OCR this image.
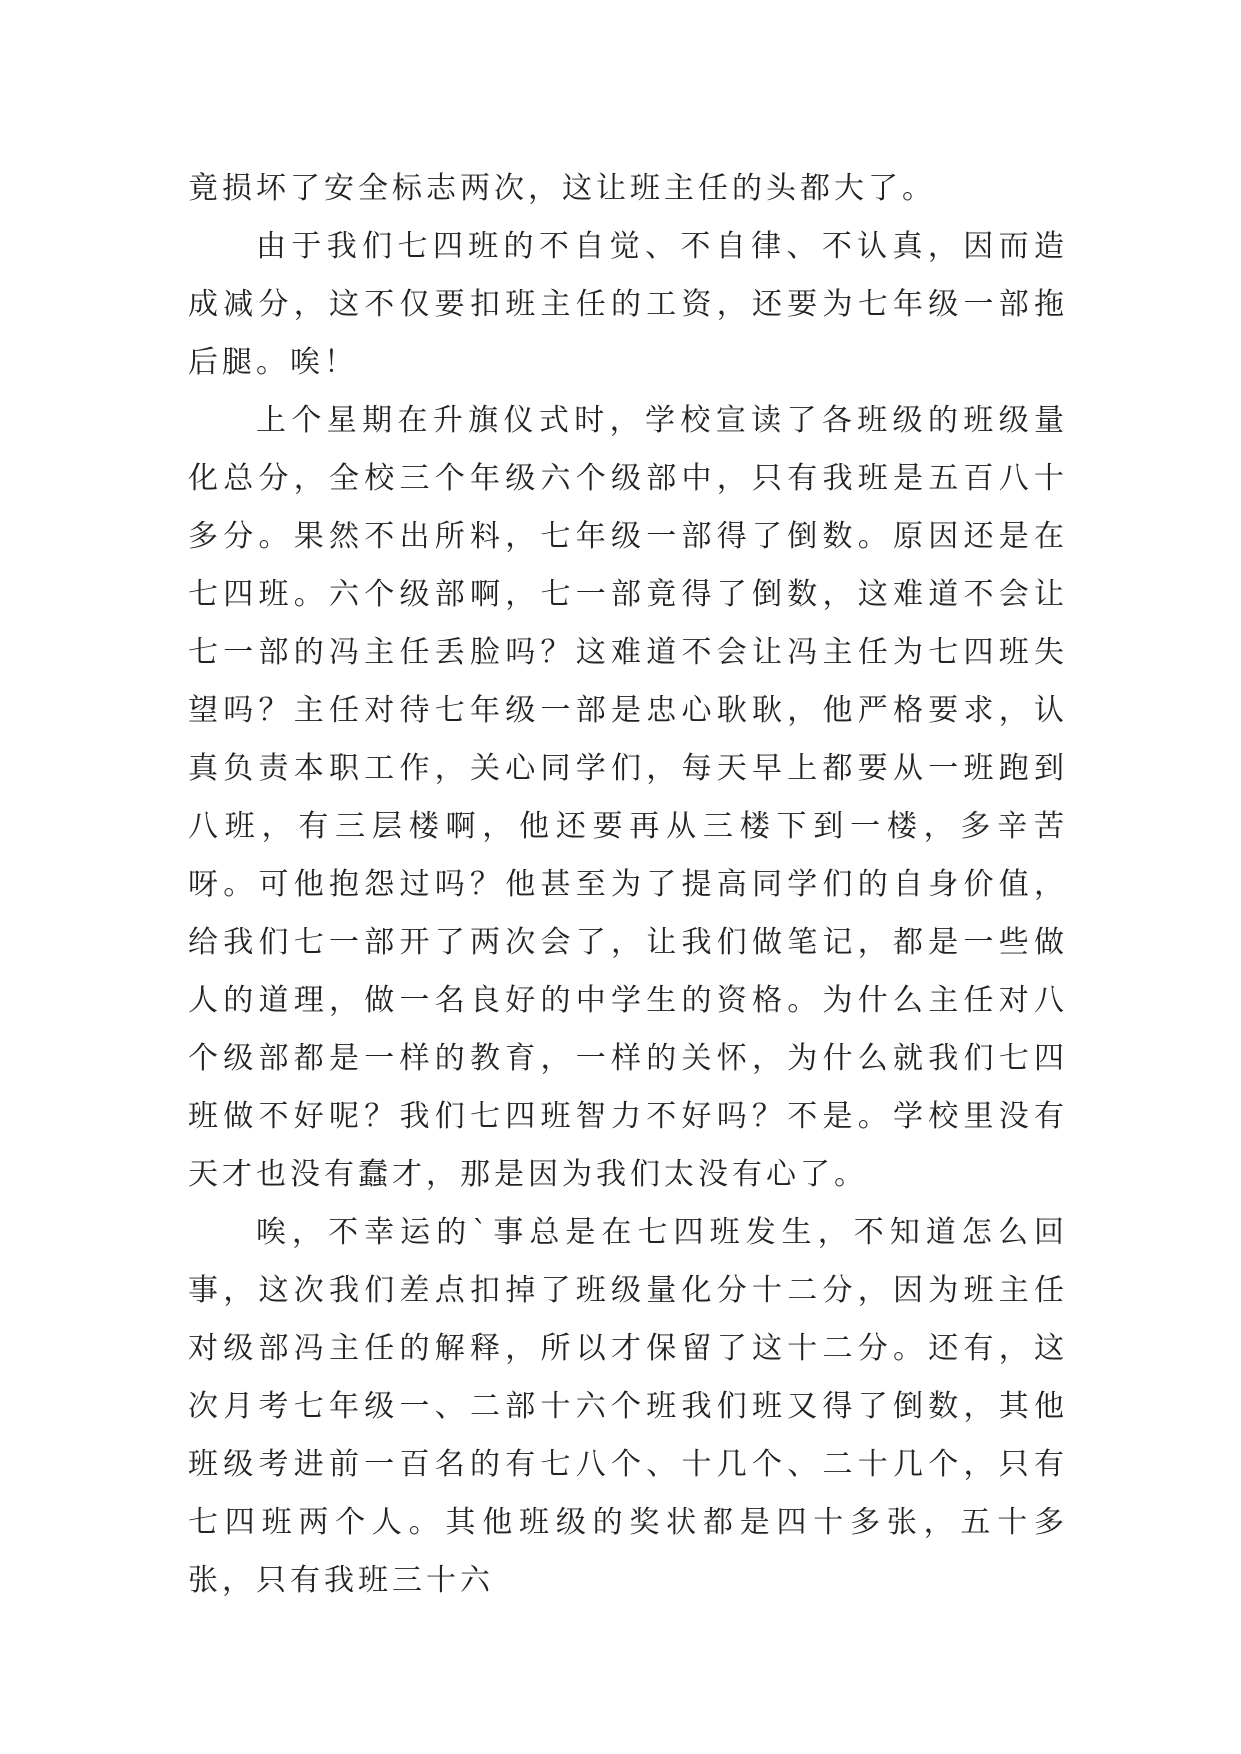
竟损坏了安全标志两次，这让班主任的头都大了。

由于我们七四班的不自觉、不自律、不认真，因而造成减分，这不仅要扣班主任的工资，还要为七年级一部拖后腿。唉！

上个星期在升旗仪式时，学校宣读了各班级的班级量化总分，全校三个年级六个级部中，只有我班是五百八十多分。果然不出所料，七年级一部得了倒数。原因还是在七四班。六个级部啊，七一部竟得了倒数，这难道不会让七一部的冯主任丢脸吗？这难道不会让冯主任为七四班失望吗？主任对待七年级一部是忠心耿耿，他严格要求，认真负责本职工作，关心同学们，每天早上都要从一班跑到八班，有三层楼啊，他还要再从三楼下到一楼，多辛苦呀。可他抱怨过吗？他甚至为了提高同学们的自身价值，给我们七一部开了两次会了，让我们做笔记，都是一些做人的道理，做一名良好的中学生的资格。为什么主任对八个级部都是一样的教育，一样的关怀，为什么就我们七四班做不好呢？我们七四班智力不好吗？不是。学校里没有天才也没有蠢才，那是因为我们太没有心了。

唉，不幸运的`事总是在七四班发生，不知道怎么回事，这次我们差点扣掉了班级量化分十二分，因为班主任对级部冯主任的解释，所以才保留了这十二分。还有，这次月考七年级一、二部十六个班我们班又得了倒数，其他班级考进前一百名的有七八个、十几个、二十几个，只有七四班两个人。其他班级的奖状都是四十多张，五十多张，只有我班三十六
